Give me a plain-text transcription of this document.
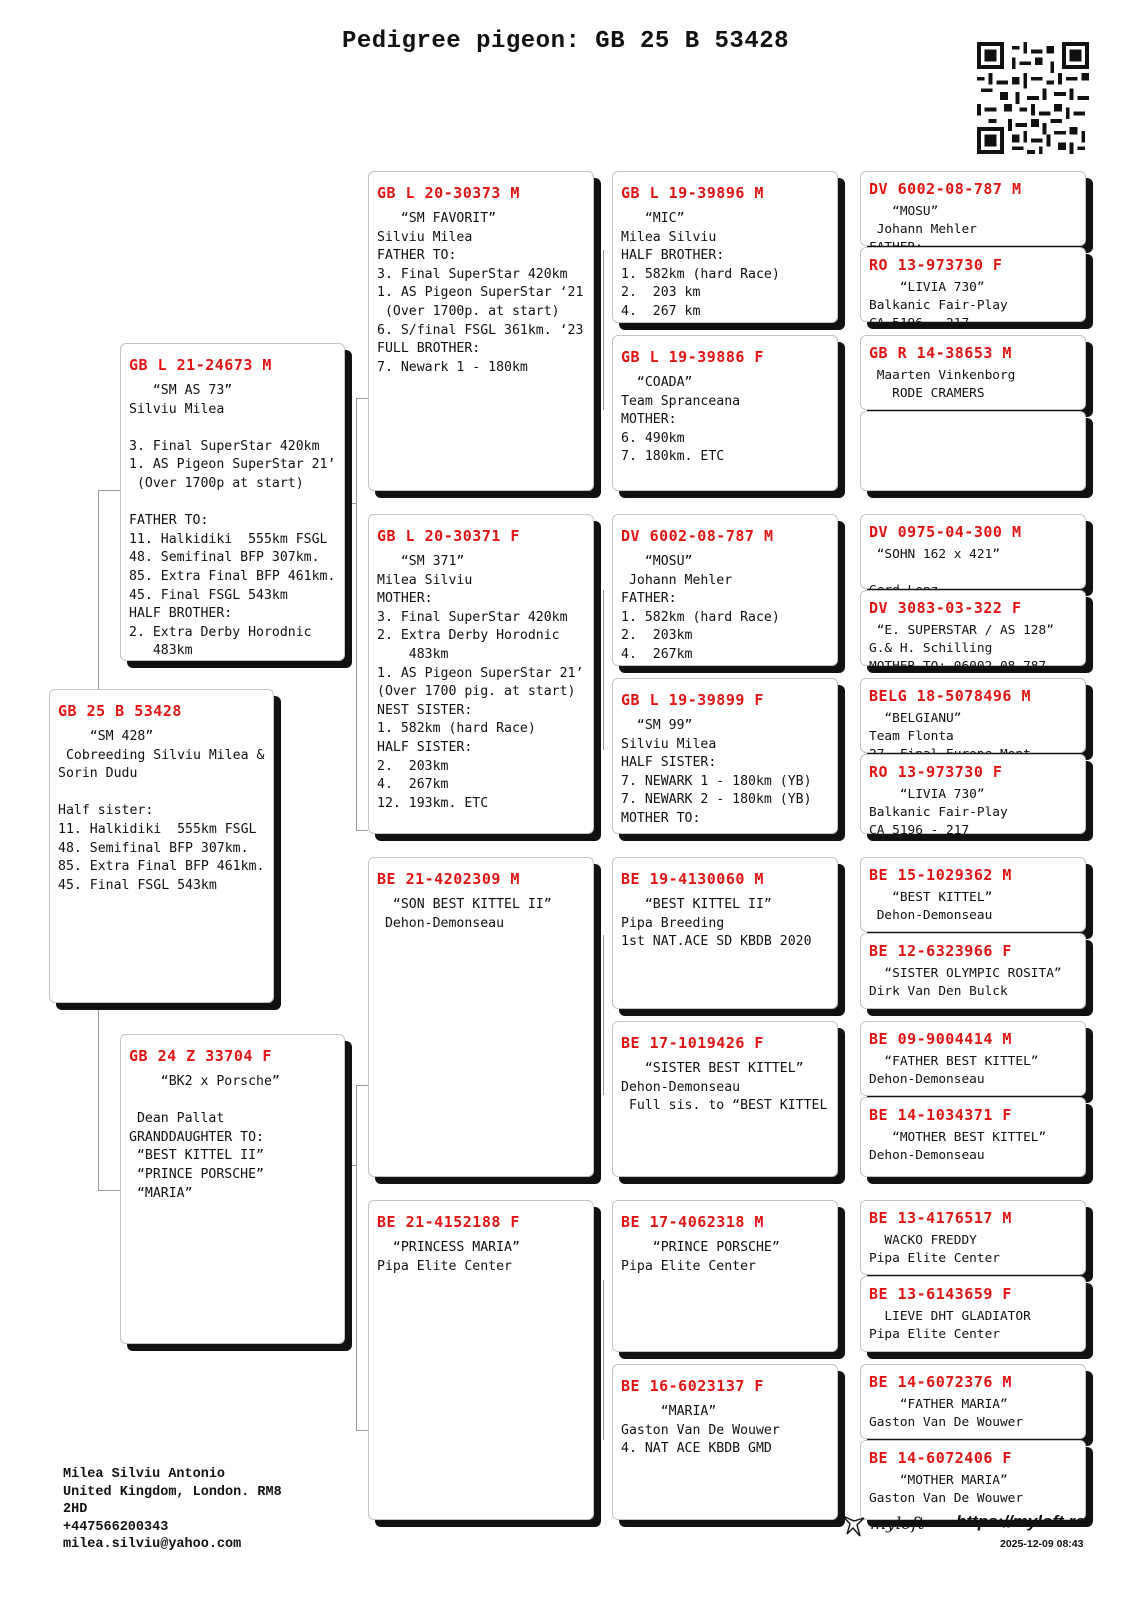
Pedigree pigeon: GB 25 B 53428
GB 25 B 53428
“SM 428”
Cobreeding Silviu Milea &
Sorin Dudu

Half sister:
11. Halkidiki  555km FSGL
48. Semifinal BFP 307km.
85. Extra Final BFP 461km.
45. Final FSGL 543km
GB L 21-24673 M
“SM AS 73”
Silviu Milea

3. Final SuperStar 420km
1. AS Pigeon SuperStar 21’
(Over 1700p at start)

FATHER TO:
11. Halkidiki  555km FSGL
48. Semifinal BFP 307km.
85. Extra Final BFP 461km.
45. Final FSGL 543km
HALF BROTHER:
2. Extra Derby Horodnic
483km
GB 24 Z 33704 F
“BK2 x Porsche”

Dean Pallat
GRANDDAUGHTER TO:
“BEST KITTEL II”
“PRINCE PORSCHE”
“MARIA”
GB L 20-30373 M
“SM FAVORIT”
Silviu Milea
FATHER TO:
3. Final SuperStar 420km
1. AS Pigeon SuperStar ‘21
(Over 1700p. at start)
6. S/final FSGL 361km. ‘23
FULL BROTHER:
7. Newark 1 - 180km
GB L 20-30371 F
“SM 371”
Milea Silviu
MOTHER:
3. Final SuperStar 420km
2. Extra Derby Horodnic
483km
1. AS Pigeon SuperStar 21’
(Over 1700 pig. at start)
NEST SISTER:
1. 582km (hard Race)
HALF SISTER:
2.  203km
4.  267km
12. 193km. ETC
BE 21-4202309 M
“SON BEST KITTEL II”
Dehon-Demonseau
BE 21-4152188 F
“PRINCESS MARIA”
Pipa Elite Center
GB L 19-39896 M
“MIC”
Milea Silviu
HALF BROTHER:
1. 582km (hard Race)
2.  203 km
4.  267 km
GB L 19-39886 F
“COADA”
Team Spranceana
MOTHER:
6. 490km
7. 180km. ETC
DV 6002-08-787 M
“MOSU”
Johann Mehler
FATHER:
1. 582km (hard Race)
2.  203km
4.  267km
GB L 19-39899 F
“SM 99”
Silviu Milea
HALF SISTER:
7. NEWARK 1 - 180km (YB)
7. NEWARK 2 - 180km (YB)
MOTHER TO:
BE 19-4130060 M
“BEST KITTEL II”
Pipa Breeding
1st NAT.ACE SD KBDB 2020
BE 17-1019426 F
“SISTER BEST KITTEL”
Dehon-Demonseau
Full sis. to “BEST KITTEL
BE 17-4062318 M
“PRINCE PORSCHE”
Pipa Elite Center
BE 16-6023137 F
“MARIA”
Gaston Van De Wouwer
4. NAT ACE KBDB GMD
DV 6002-08-787 M
“MOSU”
Johann Mehler

RO 13-973730 F
“LIVIA 730”
Balkanic Fair-Play
CA 5196 - 217
GB R 14-38653 M
Maarten Vinkenborg
RODE CRAMERS
DV 0975-04-300 M
“SOHN 162 x 421”

DV 3083-03-322 F
“E. SUPERSTAR / AS 128”
G.& H. Schilling
MOTHER TO: 06002-08-787
BELG 18-5078496 M
“BELGIANU”
Team Flonta

RO 13-973730 F
“LIVIA 730”
Balkanic Fair-Play
CA 5196 - 217
BE 15-1029362 M
“BEST KITTEL”
Dehon-Demonseau
BE 12-6323966 F
“SISTER OLYMPIC ROSITA”
Dirk Van Den Bulck
BE 09-9004414 M
“FATHER BEST KITTEL”
Dehon-Demonseau
BE 14-1034371 F
“MOTHER BEST KITTEL”
Dehon-Demonseau
BE 13-4176517 M
WACKO FREDDY
Pipa Elite Center
BE 13-6143659 F
LIEVE DHT GLADIATOR
Pipa Elite Center
BE 14-6072376 M
“FATHER MARIA”
Gaston Van De Wouwer
BE 14-6072406 F
“MOTHER MARIA”
Gaston Van De Wouwer
Milea Silviu Antonio
United Kingdom, London. RM8
2HD
+447566200343
milea.silviu@yahoo.com
myloft https://myloft.ro
2025-12-09 08:43
